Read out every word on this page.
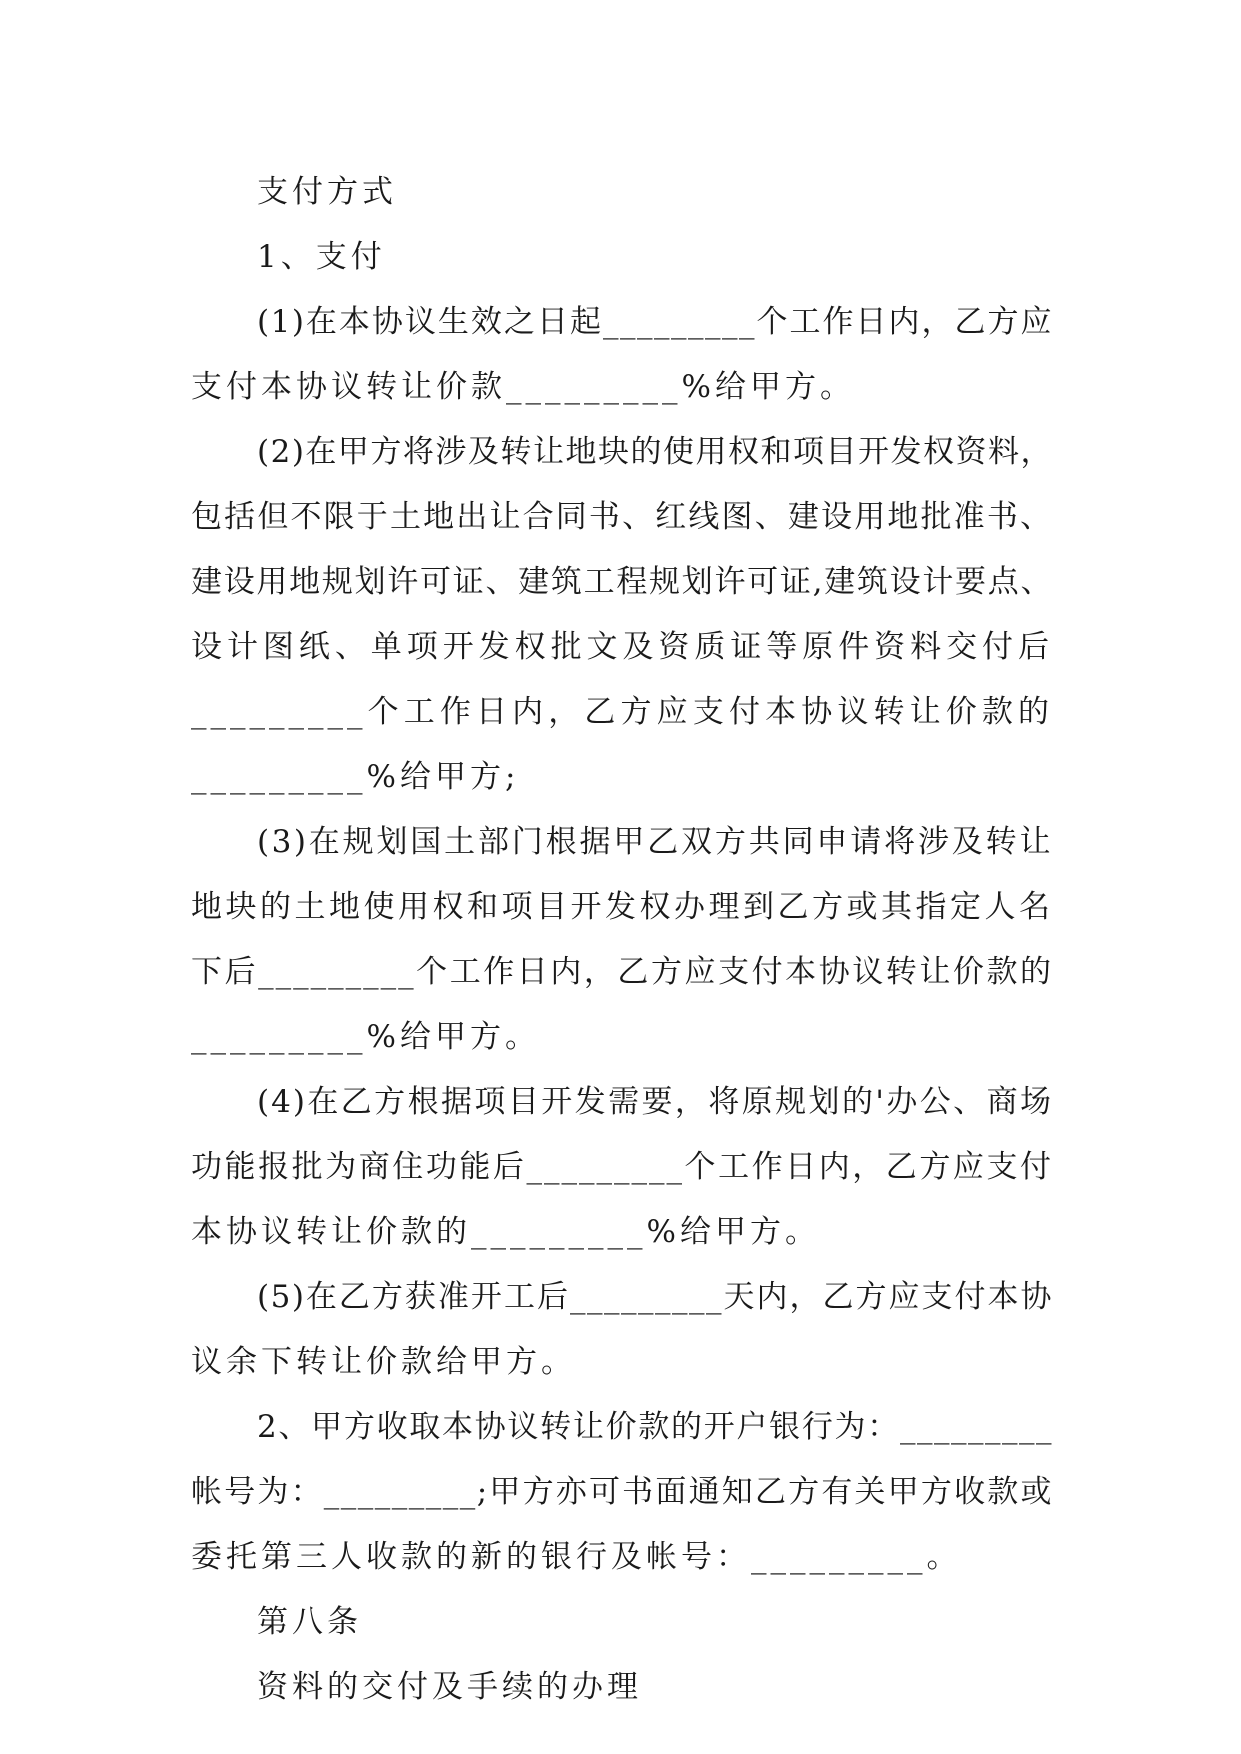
支付方式
1、支付
(1)在本协议生效之日起_________个工作日内，乙方应
支付本协议转让价款_________%给甲方。
(2)在甲方将涉及转让地块的使用权和项目开发权资料，
包括但不限于土地出让合同书、红线图、建设用地批准书、
建设用地规划许可证、建筑工程规划许可证,建筑设计要点、
设计图纸、单项开发权批文及资质证等原件资料交付后
_________个工作日内，乙方应支付本协议转让价款的
_________%给甲方;
(3)在规划国土部门根据甲乙双方共同申请将涉及转让
地块的土地使用权和项目开发权办理到乙方或其指定人名
下后_________个工作日内，乙方应支付本协议转让价款的
_________%给甲方。
(4)在乙方根据项目开发需要，将原规划的'办公、商场
功能报批为商住功能后_________个工作日内，乙方应支付
本协议转让价款的_________%给甲方。
(5)在乙方获准开工后_________天内，乙方应支付本协
议余下转让价款给甲方。
2、甲方收取本协议转让价款的开户银行为：_________
帐号为：_________;甲方亦可书面通知乙方有关甲方收款或
委托第三人收款的新的银行及帐号：_________。
第八条
资料的交付及手续的办理
